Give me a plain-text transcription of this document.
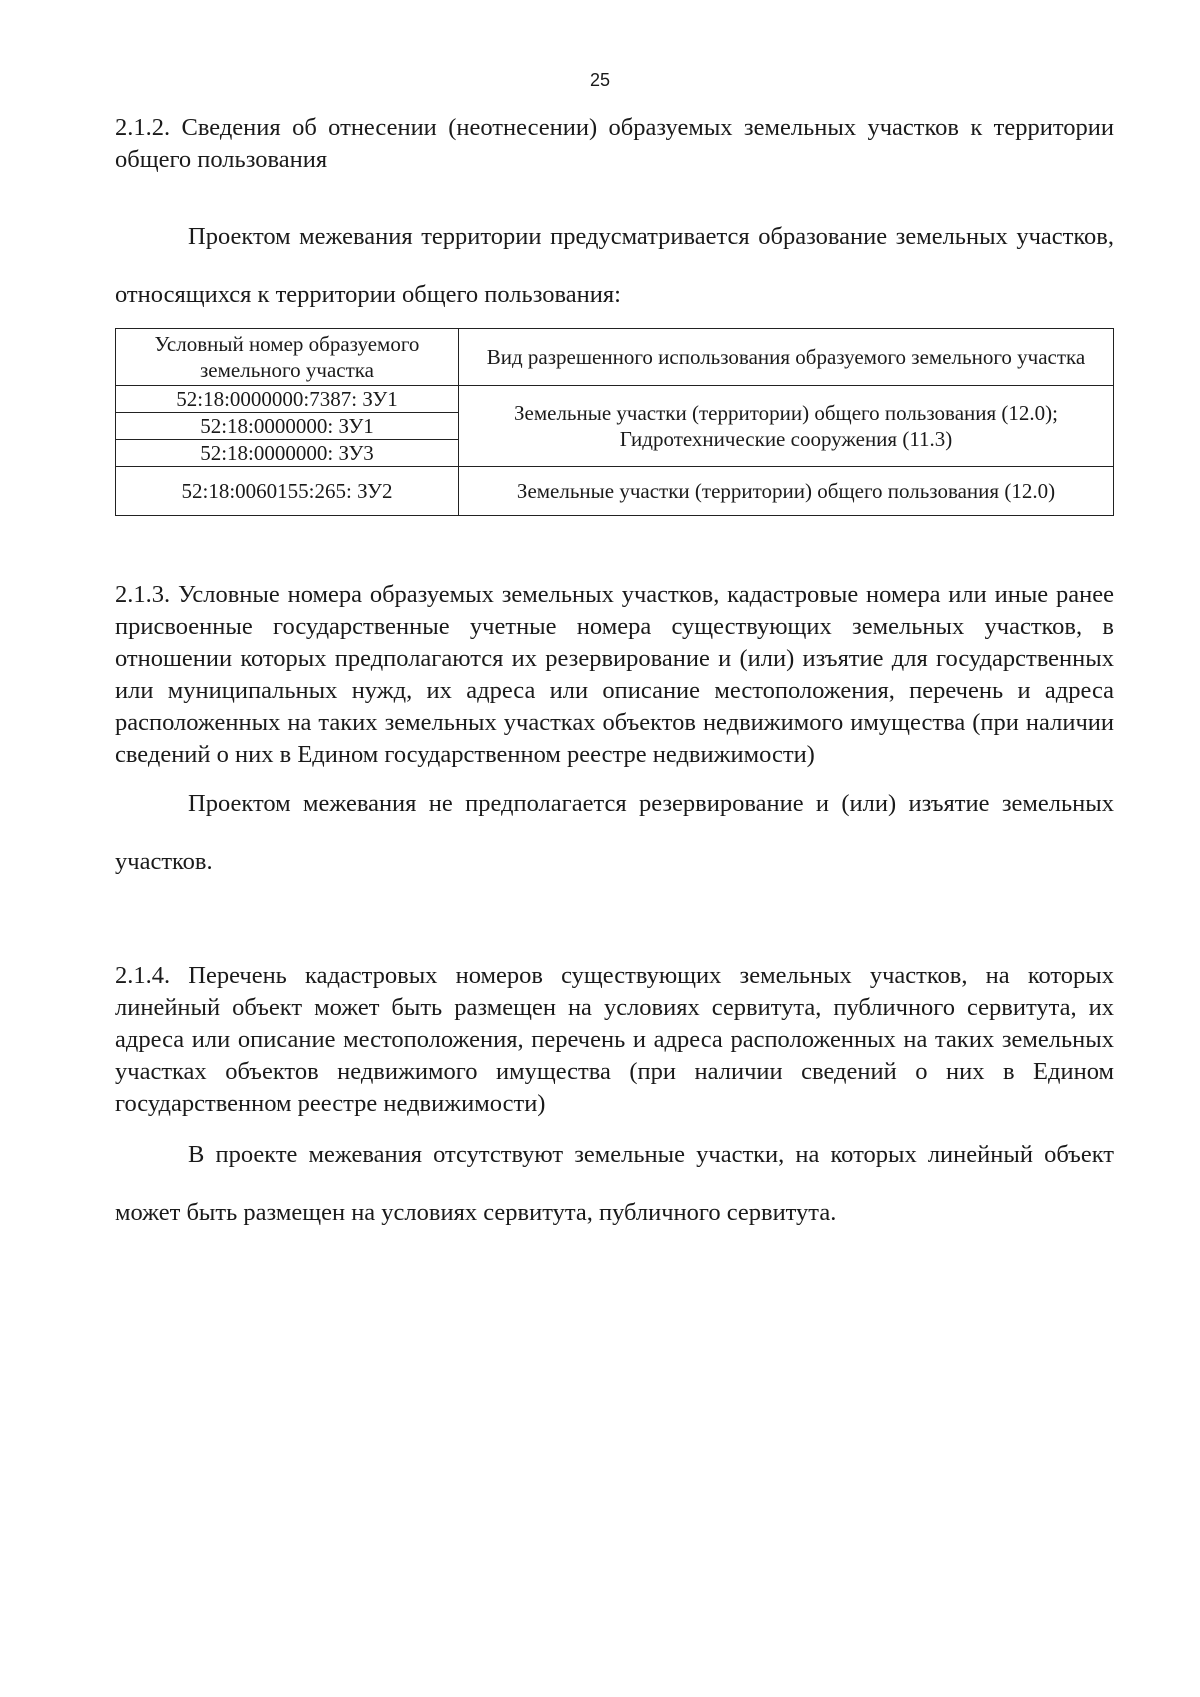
25

2.1.2. Сведения об отнесении (неотнесении) образуемых земельных участков к территории общего пользования

Проектом межевания территории предусматривается образование земельных участков, относящихся к территории общего пользования:

Условный номер образуемого земельного участка	Вид разрешенного использования образуемого земельного участка
52:18:0000000:7387: ЗУ1	Земельные участки (территории) общего пользования (12.0);
Гидротехнические сооружения (11.3)
52:18:0000000: ЗУ1	
52:18:0000000: ЗУ3	
52:18:0060155:265: ЗУ2	Земельные участки (территории) общего пользования (12.0)

2.1.3. Условные номера образуемых земельных участков, кадастровые номера или иные ранее присвоенные государственные учетные номера существующих земельных участков, в отношении которых предполагаются их резервирование и (или) изъятие для государственных или муниципальных нужд, их адреса или описание местоположения, перечень и адреса расположенных на таких земельных участках объектов недвижимого имущества (при наличии сведений о них в Едином государственном реестре недвижимости)

Проектом межевания не предполагается резервирование и (или) изъятие земельных участков.

2.1.4. Перечень кадастровых номеров существующих земельных участков, на которых линейный объект может быть размещен на условиях сервитута, публичного сервитута, их адреса или описание местоположения, перечень и адреса расположенных на таких земельных участках объектов недвижимого имущества (при наличии сведений о них в Едином государственном реестре недвижимости)

В проекте межевания отсутствуют земельные участки, на которых линейный объект может быть размещен на условиях сервитута, публичного сервитута.
